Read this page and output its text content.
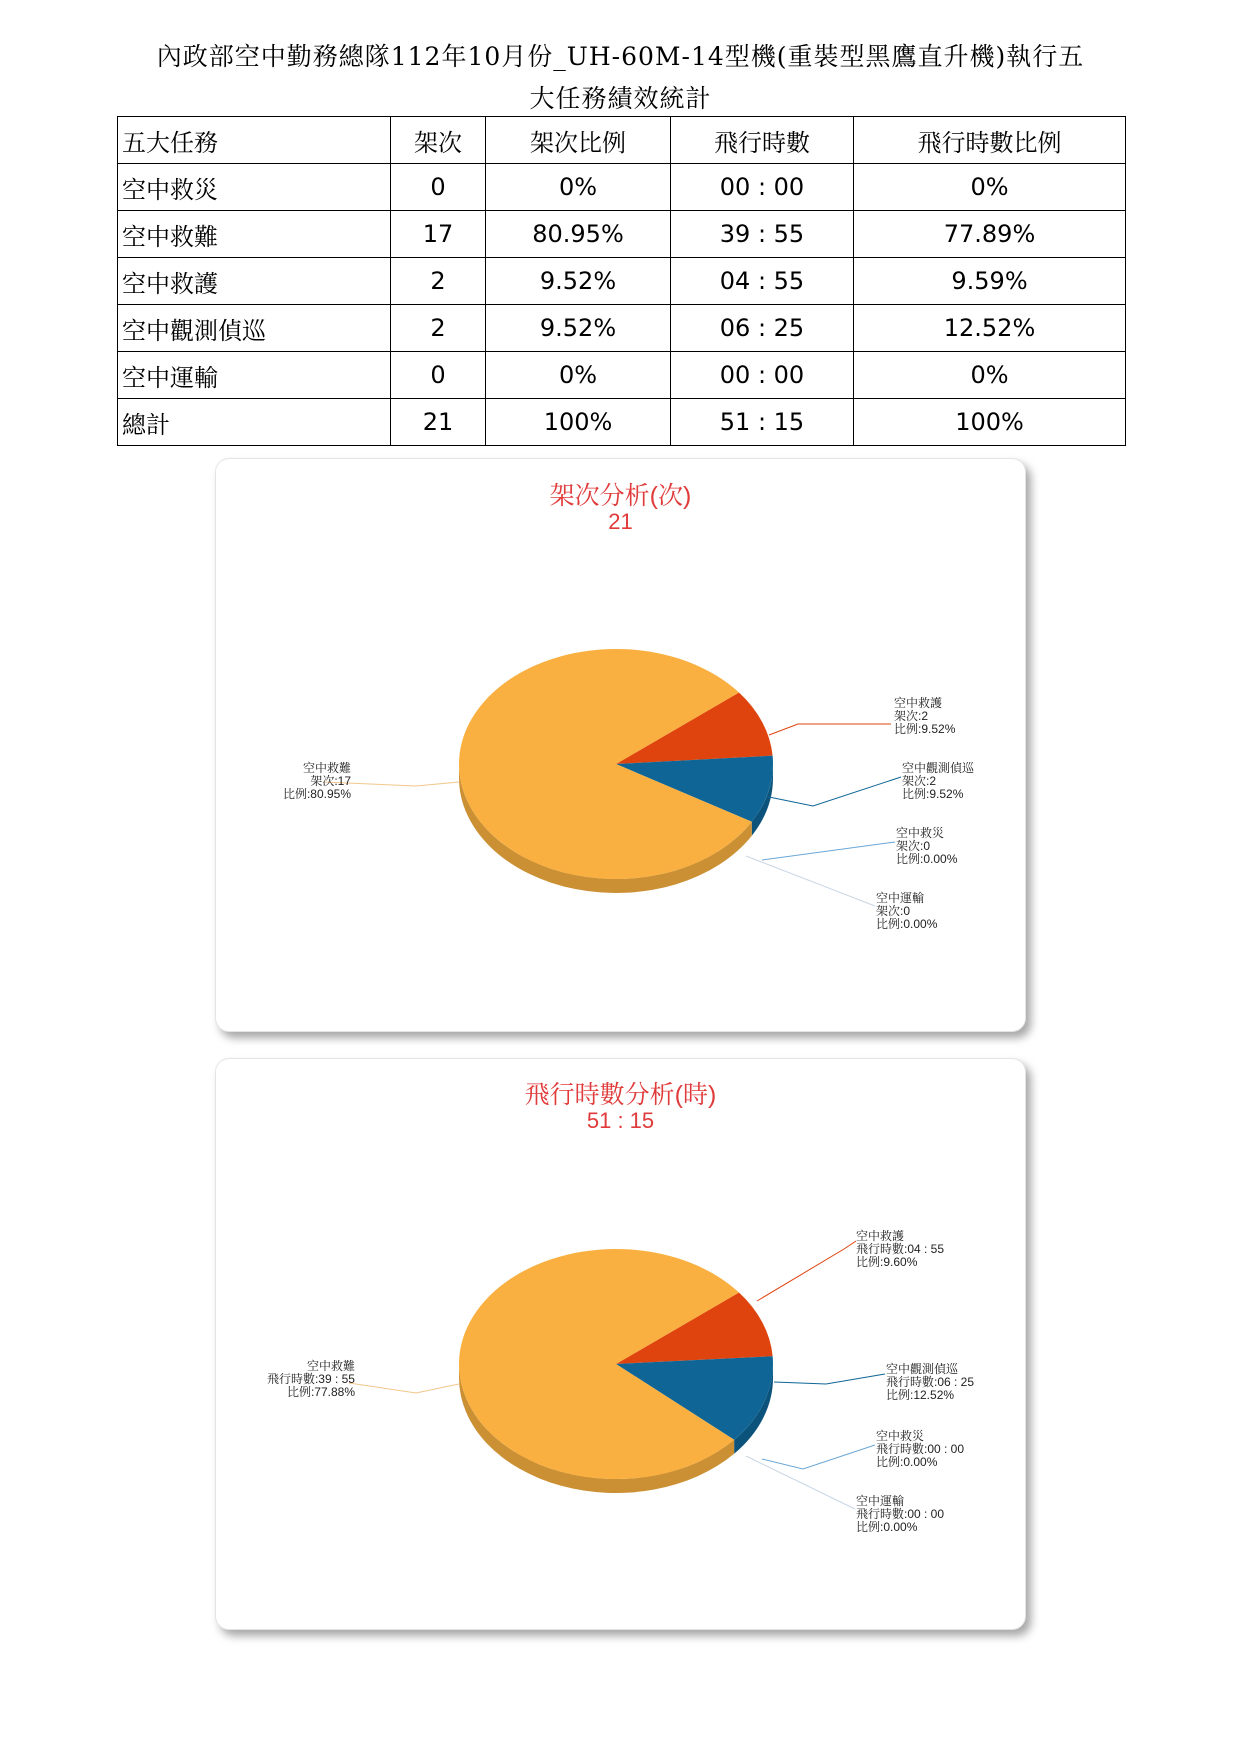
內政部空中勤務總隊112年10月份_UH-60M-14型機(重裝型黑鷹直升機)執行五
大任務績效統計
五大任務	架次	架次比例	飛行時數	飛行時數比例
空中救災	0	0%	00 : 00	0%
空中救難	17	80.95%	39 : 55	77.89%
空中救護	2	9.52%	04 : 55	9.59%
空中觀測偵巡	2	9.52%	06 : 25	12.52%
空中運輸	0	0%	00 : 00	0%
總計	21	100%	51 : 15	100%
架次分析(次)
21
空中救難
架次:17
比例:80.95%
空中救護
架次:2
比例:9.52%
空中觀測偵巡
架次:2
比例:9.52%
空中救災
架次:0
比例:0.00%
空中運輸
架次:0
比例:0.00%
飛行時數分析(時)
51 : 15
空中救難
飛行時數:39 : 55
比例:77.88%
空中救護
飛行時數:04 : 55
比例:9.60%
空中觀測偵巡
飛行時數:06 : 25
比例:12.52%
空中救災
飛行時數:00 : 00
比例:0.00%
空中運輸
飛行時數:00 : 00
比例:0.00%
